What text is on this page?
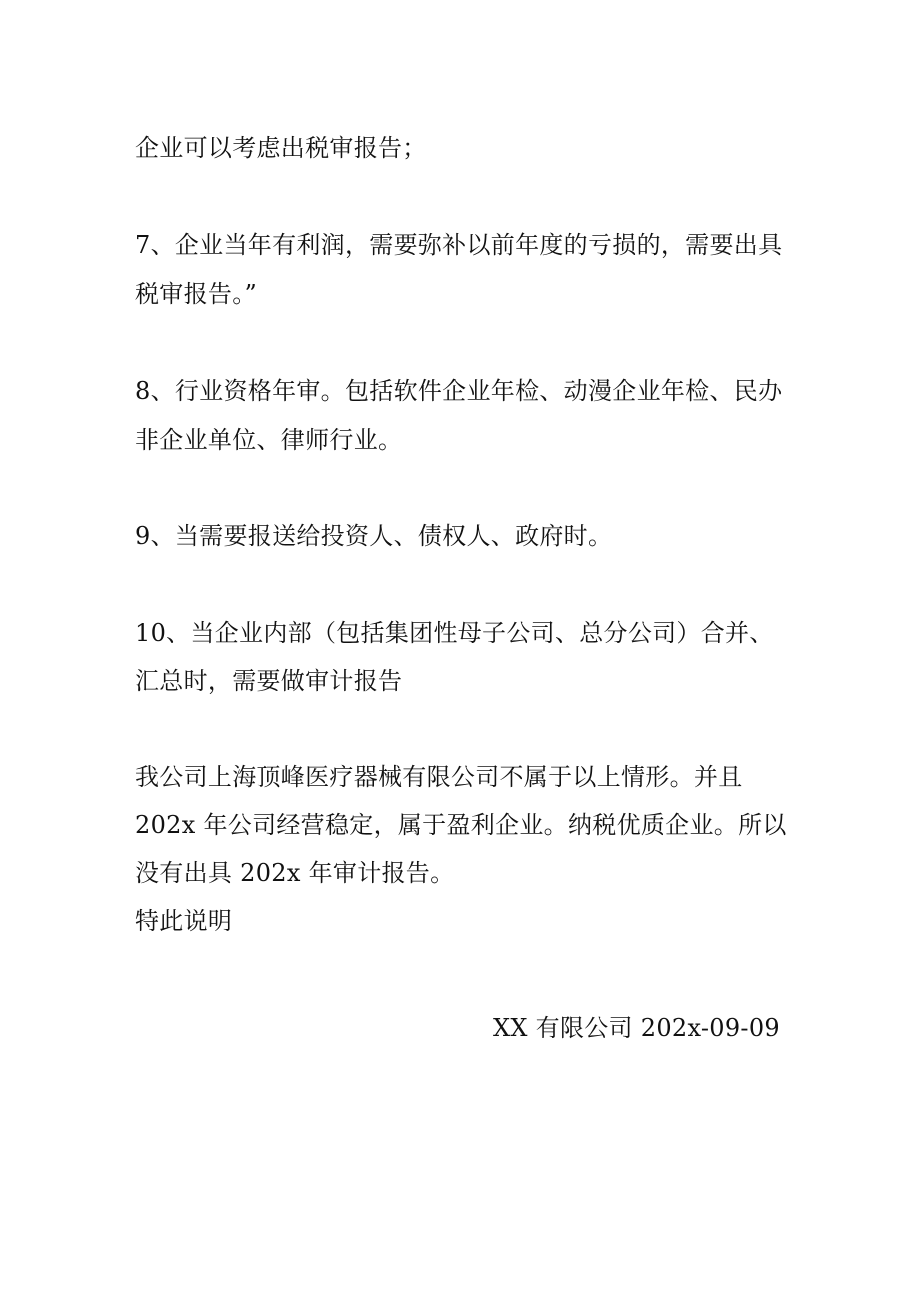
企业可以考虑出税审报告；
7、企业当年有利润，需要弥补以前年度的亏损的，需要出具
税审报告。”
8、行业资格年审。包括软件企业年检、动漫企业年检、民办
非企业单位、律师行业。
9、当需要报送给投资人、债权人、政府时。
10、当企业内部（包括集团性母子公司、总分公司）合并、
汇总时，需要做审计报告
我公司上海顶峰医疗器械有限公司不属于以上情形。并且
202x 年公司经营稳定，属于盈利企业。纳税优质企业。所以
没有出具 202x 年审计报告。
特此说明
XX 有限公司 202x-09-09
